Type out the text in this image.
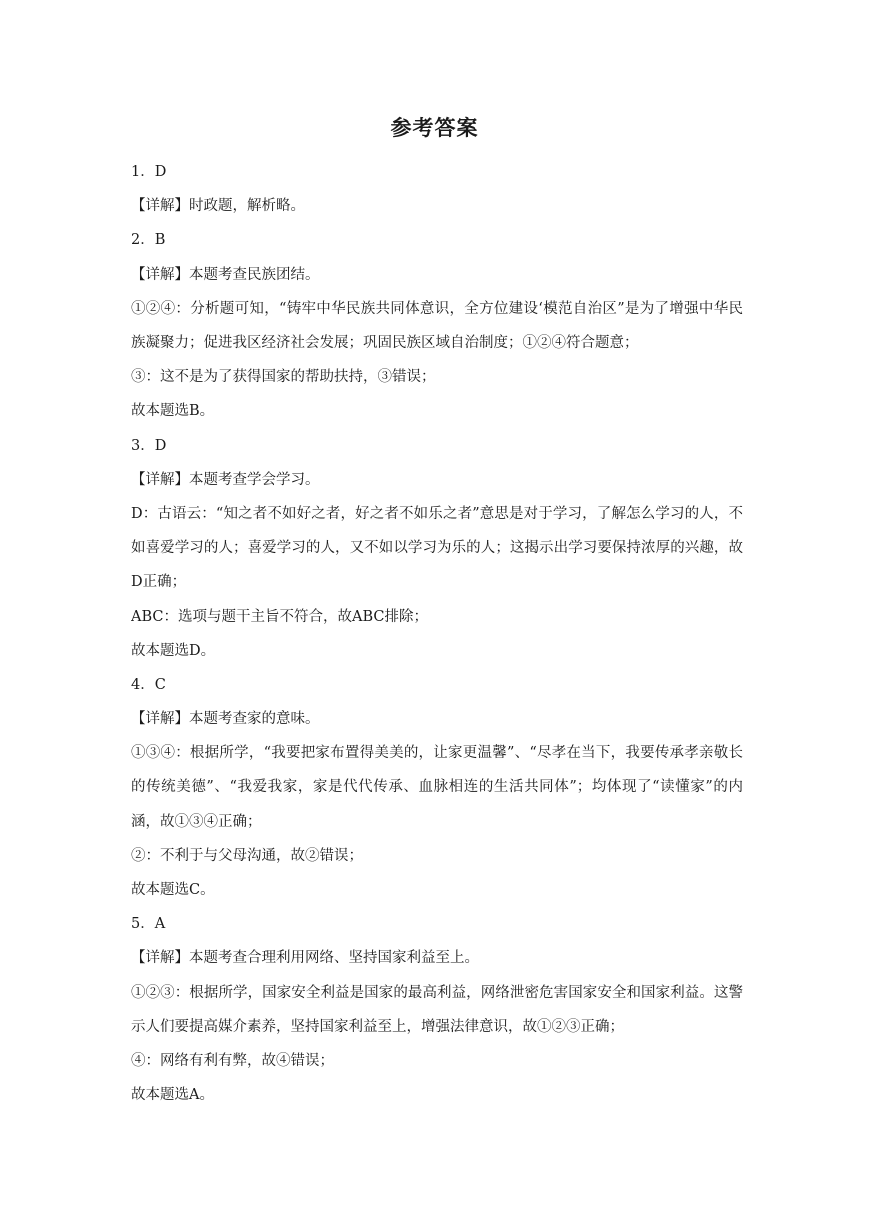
参考答案
1．D
【详解】时政题，解析略。
2．B
【详解】本题考查民族团结。
①②④：分析题可知，“铸牢中华民族共同体意识，全方位建设‘模范自治区”是为了增强中华民族凝聚力；促进我区经济社会发展；巩固民族区域自治制度；①②④符合题意；
③：这不是为了获得国家的帮助扶持，③错误；
故本题选B。
3．D
【详解】本题考查学会学习。
D：古语云：“知之者不如好之者，好之者不如乐之者”意思是对于学习，了解怎么学习的人，不如喜爱学习的人；喜爱学习的人，又不如以学习为乐的人；这揭示出学习要保持浓厚的兴趣，故D正确；
ABC：选项与题干主旨不符合，故ABC排除；
故本题选D。
4．C
【详解】本题考查家的意味。
①③④：根据所学，“我要把家布置得美美的，让家更温馨”、“尽孝在当下，我要传承孝亲敬长的传统美德”、“我爱我家，家是代代传承、血脉相连的生活共同体”；均体现了“读懂家”的内涵，故①③④正确；
②：不利于与父母沟通，故②错误；
故本题选C。
5．A
【详解】本题考查合理利用网络、坚持国家利益至上。
①②③：根据所学，国家安全利益是国家的最高利益，网络泄密危害国家安全和国家利益。这警示人们要提高媒介素养，坚持国家利益至上，增强法律意识，故①②③正确；
④：网络有利有弊，故④错误；
故本题选A。
